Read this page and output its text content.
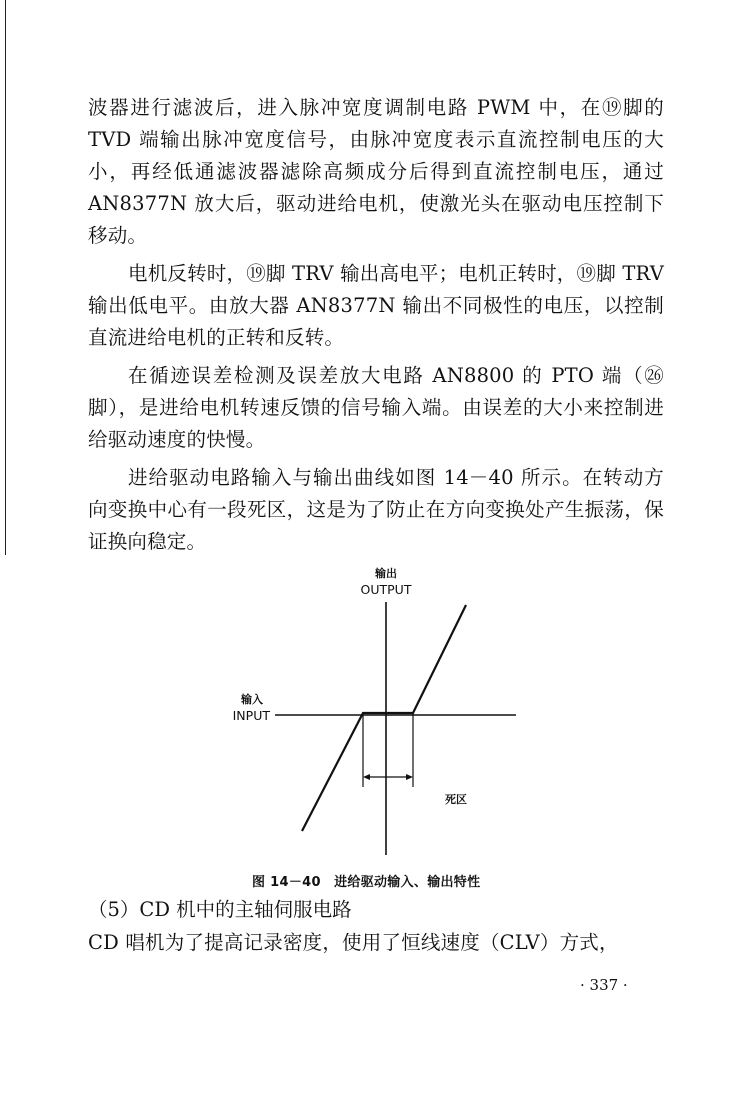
波器进行滤波后，进入脉冲宽度调制电路 PWM 中，在⑲脚的TVD 端输出脉冲宽度信号，由脉冲宽度表示直流控制电压的大小，再经低通滤波器滤除高频成分后得到直流控制电压，通过AN8377N 放大后，驱动进给电机，使激光头在驱动电压控制下移动。

电机反转时，⑲脚 TRV 输出高电平；电机正转时，⑲脚 TRV 输出低电平。由放大器 AN8377N 输出不同极性的电压，以控制直流进给电机的正转和反转。

在循迹误差检测及误差放大电路 AN8800 的 PTO 端（㉖脚），是进给电机转速反馈的信号输入端。由误差的大小来控制进给驱动速度的快慢。

进给驱动电路输入与输出曲线如图 14－40 所示。在转动方向变换中心有一段死区，这是为了防止在方向变换处产生振荡，保证换向稳定。

输出
OUTPUT
输入
INPUT
死区
图 14－40　进给驱动输入、输出特性
（5）CD 机中的主轴伺服电路
CD 唱机为了提高记录密度，使用了恒线速度（CLV）方式，
· 337 ·
